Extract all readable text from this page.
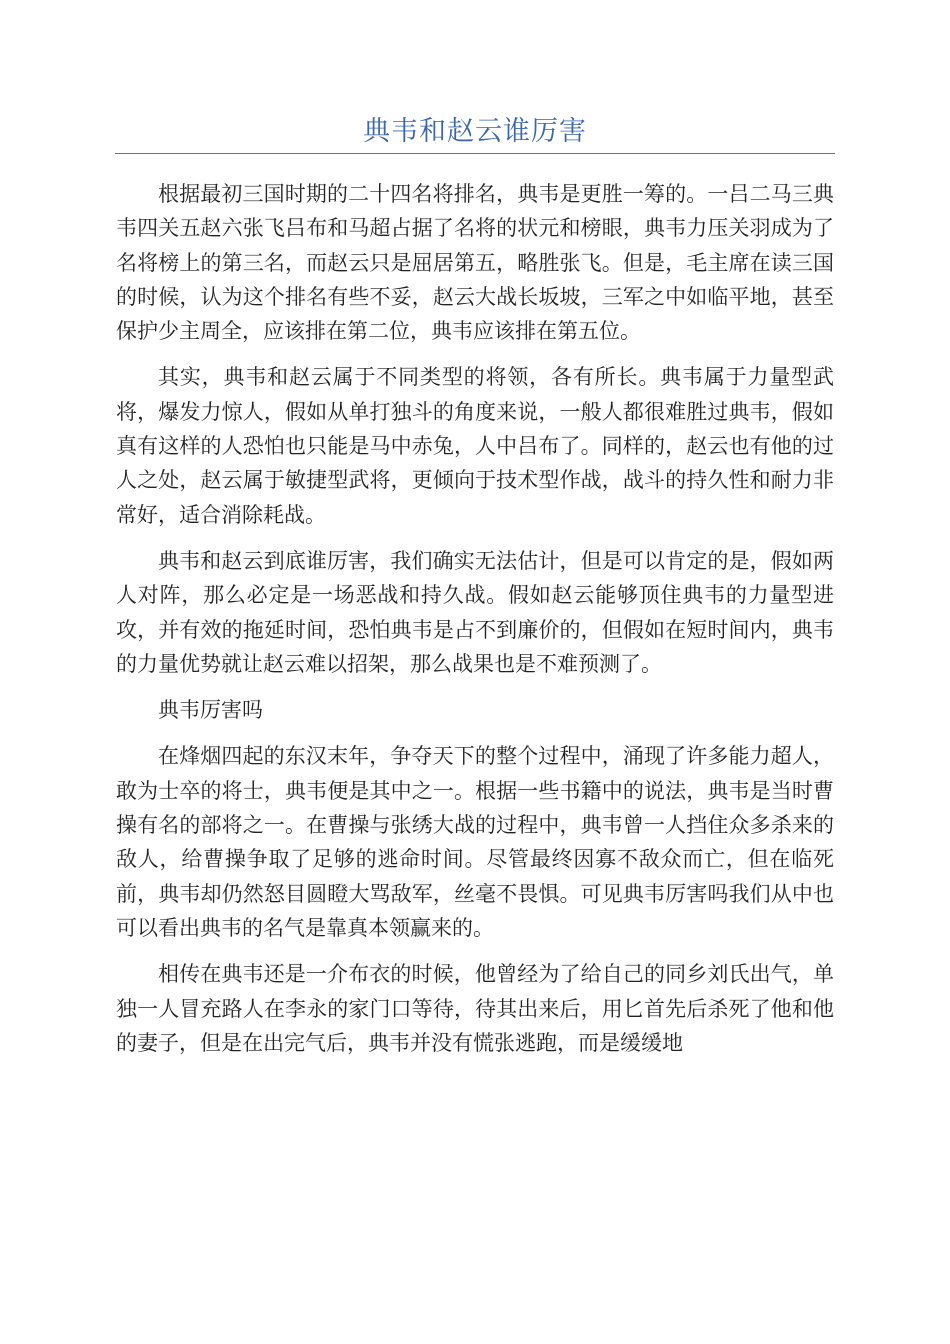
典韦和赵云谁厉害

根据最初三国时期的二十四名将排名，典韦是更胜一筹的。一吕二马三典韦四关五赵六张飞吕布和马超占据了名将的状元和榜眼，典韦力压关羽成为了名将榜上的第三名，而赵云只是屈居第五，略胜张飞。但是，毛主席在读三国的时候，认为这个排名有些不妥，赵云大战长坂坡，三军之中如临平地，甚至保护少主周全，应该排在第二位，典韦应该排在第五位。

其实，典韦和赵云属于不同类型的将领，各有所长。典韦属于力量型武将，爆发力惊人，假如从单打独斗的角度来说，一般人都很难胜过典韦，假如真有这样的人恐怕也只能是马中赤兔，人中吕布了。同样的，赵云也有他的过人之处，赵云属于敏捷型武将，更倾向于技术型作战，战斗的持久性和耐力非常好，适合消除耗战。

典韦和赵云到底谁厉害，我们确实无法估计，但是可以肯定的是，假如两人对阵，那么必定是一场恶战和持久战。假如赵云能够顶住典韦的力量型进攻，并有效的拖延时间，恐怕典韦是占不到廉价的，但假如在短时间内，典韦的力量优势就让赵云难以招架，那么战果也是不难预测了。

典韦厉害吗

在烽烟四起的东汉末年，争夺天下的整个过程中，涌现了许多能力超人，敢为士卒的将士，典韦便是其中之一。根据一些书籍中的说法，典韦是当时曹操有名的部将之一。在曹操与张绣大战的过程中，典韦曾一人挡住众多杀来的敌人，给曹操争取了足够的逃命时间。尽管最终因寡不敌众而亡，但在临死前，典韦却仍然怒目圆瞪大骂敌军，丝毫不畏惧。可见典韦厉害吗我们从中也可以看出典韦的名气是靠真本领赢来的。

相传在典韦还是一介布衣的时候，他曾经为了给自己的同乡刘氏出气，单独一人冒充路人在李永的家门口等待，待其出来后，用匕首先后杀死了他和他的妻子，但是在出完气后，典韦并没有慌张逃跑，而是缓缓地
